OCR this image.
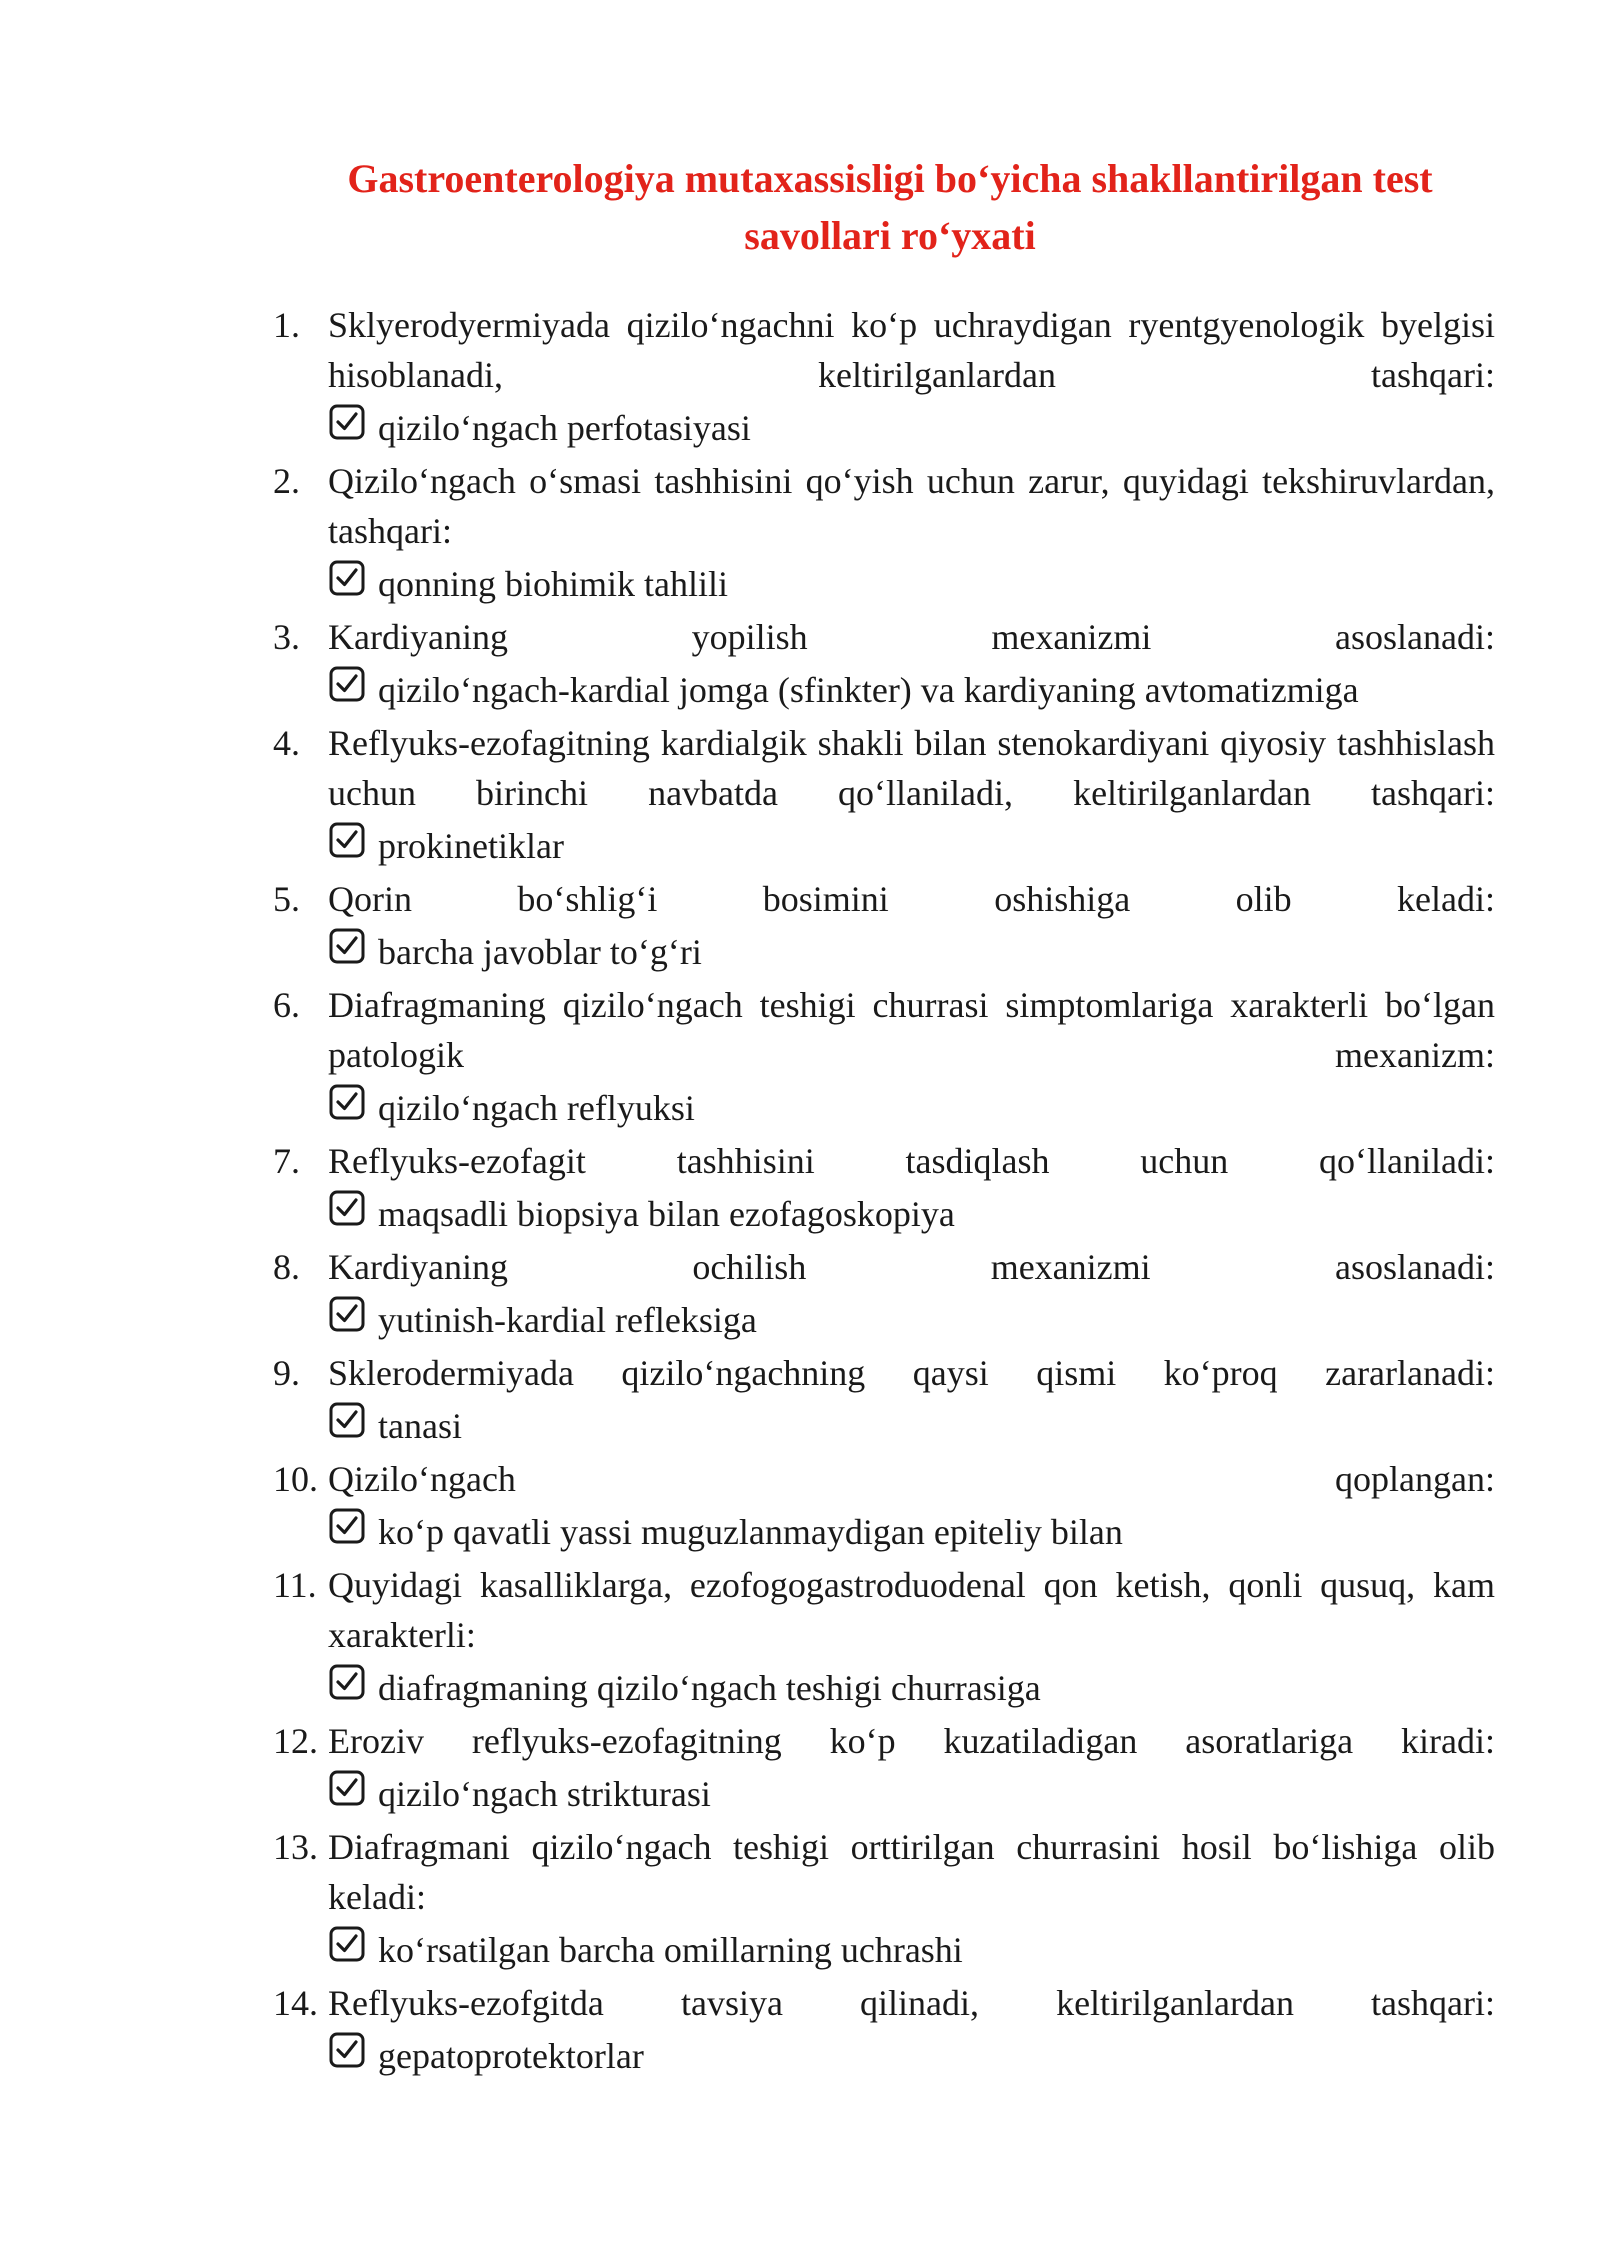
Gastroenterologiya mutaxassisligi bo‘yicha shakllantirilgan test savollari ro‘yxati
1. Sklyerodyermiyada qizilo‘ngachni ko‘p uchraydigan ryentgyenologik byelgisi hisoblanadi, keltirilganlardan tashqari:

qizilo‘ngach perfotasiyasi
2. Qizilo‘ngach o‘smasi tashhisini qo‘yish uchun zarur, quyidagi tekshiruvlardan, tashqari:

qonning biohimik tahlili
3. Kardiyaning yopilish mexanizmi asoslanadi:

qizilo‘ngach-kardial jomga (sfinkter) va kardiyaning avtomatizmiga
4. Reflyuks-ezofagitning kardialgik shakli bilan stenokardiyani qiyosiy tashhislash uchun birinchi navbatda qo‘llaniladi, keltirilganlardan tashqari:

prokinetiklar
5. Qorin bo‘shlig‘i bosimini oshishiga olib keladi:

barcha javoblar to‘g‘ri
6. Diafragmaning qizilo‘ngach teshigi churrasi simptomlariga xarakterli bo‘lgan patologik mexanizm:

qizilo‘ngach reflyuksi
7. Reflyuks-ezofagit tashhisini tasdiqlash uchun qo‘llaniladi:

maqsadli biopsiya bilan ezofagoskopiya
8. Kardiyaning ochilish mexanizmi asoslanadi:

yutinish-kardial refleksiga
9. Sklerodermiyada qizilo‘ngachning qaysi qismi ko‘proq zararlanadi:

tanasi
10. Qizilo‘ngach qoplangan:

ko‘p qavatli yassi muguzlanmaydigan epiteliy bilan
11. Quyidagi kasalliklarga, ezofogogastroduodenal qon ketish, qonli qusuq, kam xarakterli:

diafragmaning qizilo‘ngach teshigi churrasiga
12. Eroziv reflyuks-ezofagitning ko‘p kuzatiladigan asoratlariga kiradi:

qizilo‘ngach strikturasi
13. Diafragmani qizilo‘ngach teshigi orttirilgan churrasini hosil bo‘lishiga olib keladi:

ko‘rsatilgan barcha omillarning uchrashi
14. Reflyuks-ezofgitda tavsiya qilinadi, keltirilganlardan tashqari:

gepatoprotektorlar
